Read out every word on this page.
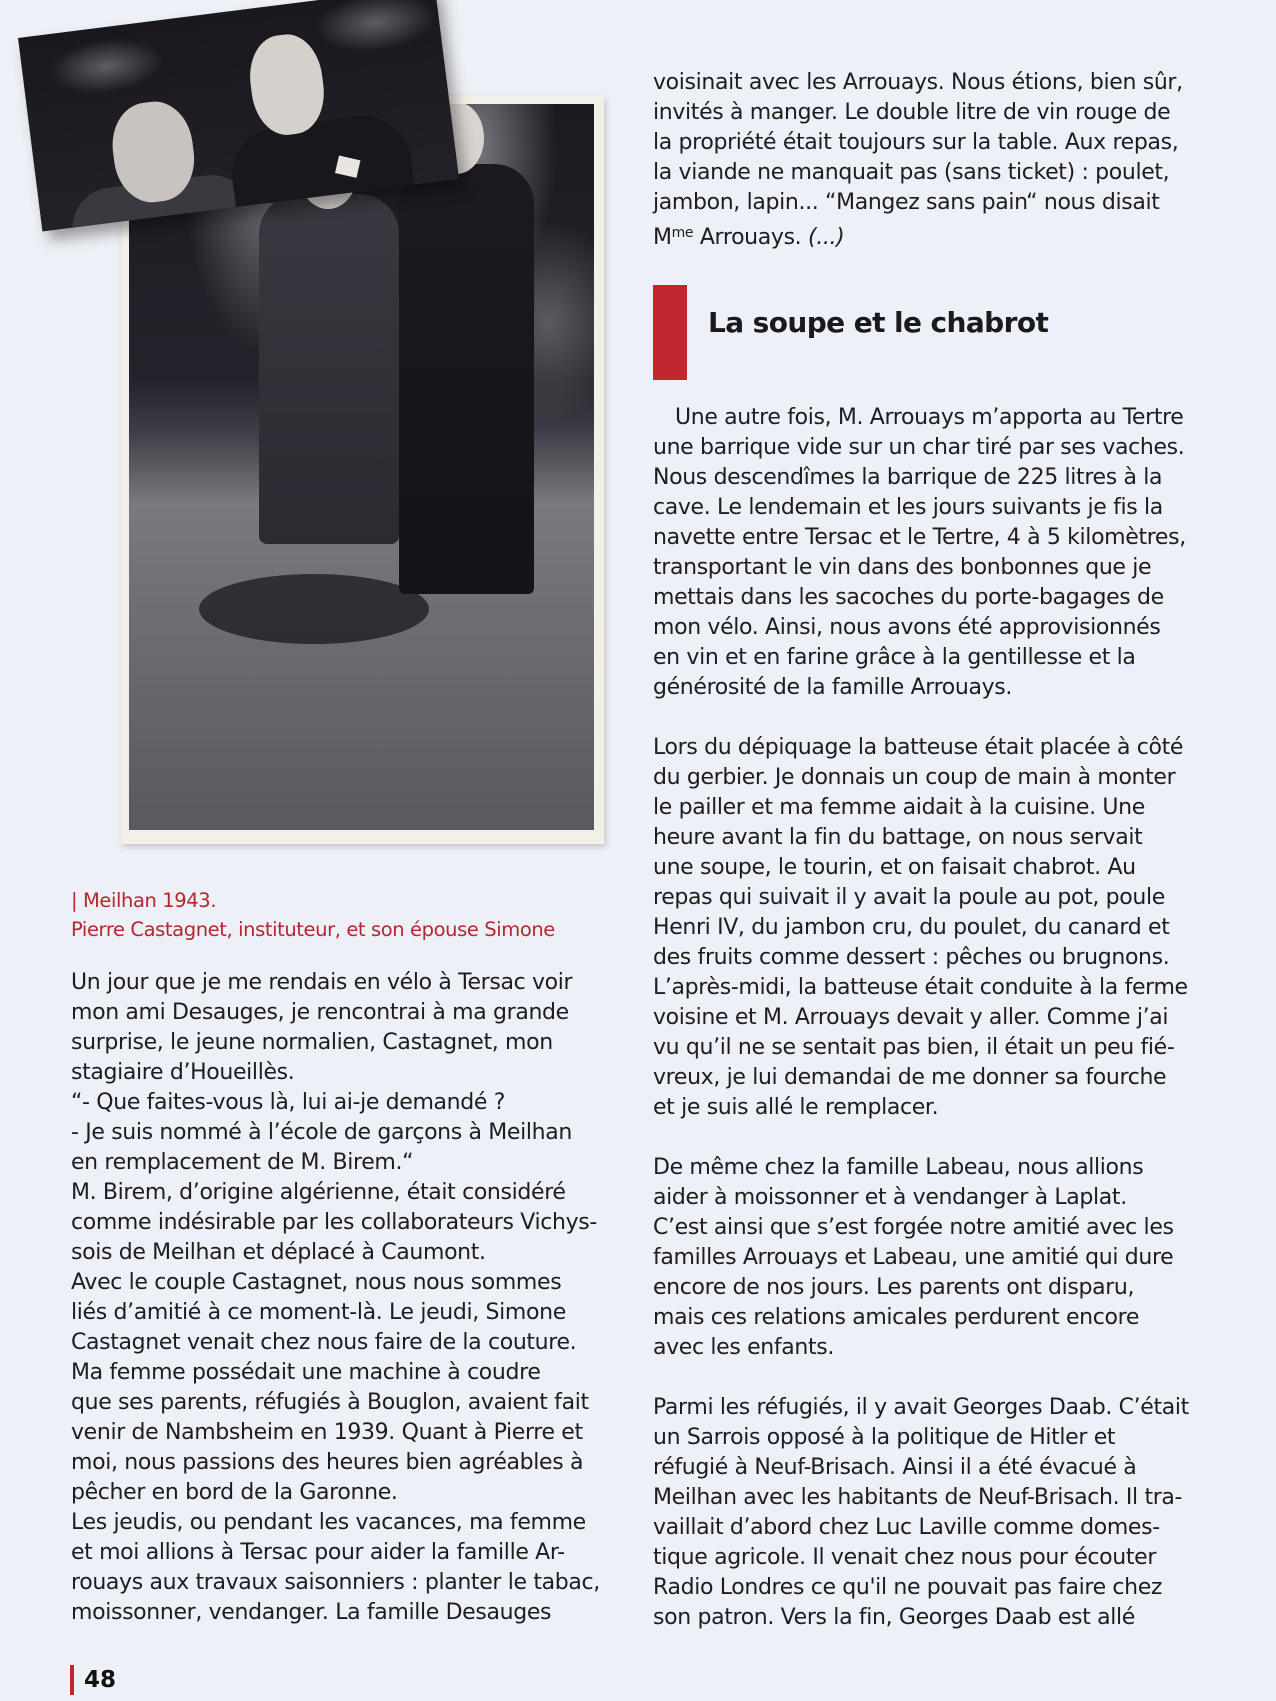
voisinait avec les Arrouays. Nous étions, bien sûr,

invités à manger. Le double litre de vin rouge de

la propriété était toujours sur la table. Aux repas,

la viande ne manquait pas (sans ticket) : poulet,

jambon, lapin... “Mangez sans pain“ nous disait

$M^{me}$ Arrouays. (...)

La soupe et le chabrot

Une autre fois, M. Arrouays m’apporta au Tertre

une barrique vide sur un char tiré par ses vaches.

Nous descendîmes la barrique de 225 litres à la

cave. Le lendemain et les jours suivants je fis la

navette entre Tersac et le Tertre, 4 à 5 kilomètres,

transportant le vin dans des bonbonnes que je

mettais dans les sacoches du porte-bagages de

mon vélo. Ainsi, nous avons été approvisionnés

en vin et en farine grâce à la gentillesse et la

générosité de la famille Arrouays.

Lors du dépiquage la batteuse était placée à côté

du gerbier. Je donnais un coup de main à monter

le pailler et ma femme aidait à la cuisine. Une

heure avant la fin du battage, on nous servait

une soupe, le tourin, et on faisait chabrot. Au

repas qui suivait il y avait la poule au pot, poule

Henri IV, du jambon cru, du poulet, du canard et

des fruits comme dessert : pêches ou brugnons.

L’après-midi, la batteuse était conduite à la ferme

voisine et M. Arrouays devait y aller. Comme j’ai

vu qu’il ne se sentait pas bien, il était un peu fié-

vreux, je lui demandai de me donner sa fourche

et je suis allé le remplacer.

De même chez la famille Labeau, nous allions

aider à moissonner et à vendanger à Laplat.

C’est ainsi que s’est forgée notre amitié avec les

familles Arrouays et Labeau, une amitié qui dure

encore de nos jours. Les parents ont disparu,

mais ces relations amicales perdurent encore

avec les enfants.

Parmi les réfugiés, il y avait Georges Daab. C’était

un Sarrois opposé à la politique de Hitler et

réfugié à Neuf-Brisach. Ainsi il a été évacué à

Meilhan avec les habitants de Neuf-Brisach. Il tra-

vaillait d’abord chez Luc Laville comme domes-

tique agricole. Il venait chez nous pour écouter

Radio Londres ce qu'il ne pouvait pas faire chez

son patron. Vers la fin, Georges Daab est allé

| Meilhan 1943.

Pierre Castagnet, instituteur, et son épouse Simone

Un jour que je me rendais en vélo à Tersac voir

mon ami Desauges, je rencontrai à ma grande

surprise, le jeune normalien, Castagnet, mon

stagiaire d’Houeillès.

“- Que faites-vous là, lui ai-je demandé ?

- Je suis nommé à l’école de garçons à Meilhan

en remplacement de M. Birem.“

M. Birem, d’origine algérienne, était considéré

comme indésirable par les collaborateurs Vichys-

sois de Meilhan et déplacé à Caumont.

Avec le couple Castagnet, nous nous sommes

liés d’amitié à ce moment-là. Le jeudi, Simone

Castagnet venait chez nous faire de la couture.

Ma femme possédait une machine à coudre

que ses parents, réfugiés à Bouglon, avaient fait

venir de Nambsheim en 1939. Quant à Pierre et

moi, nous passions des heures bien agréables à

pêcher en bord de la Garonne.

Les jeudis, ou pendant les vacances, ma femme

et moi allions à Tersac pour aider la famille Ar-

rouays aux travaux saisonniers : planter le tabac,

moissonner, vendanger. La famille Desauges

48
